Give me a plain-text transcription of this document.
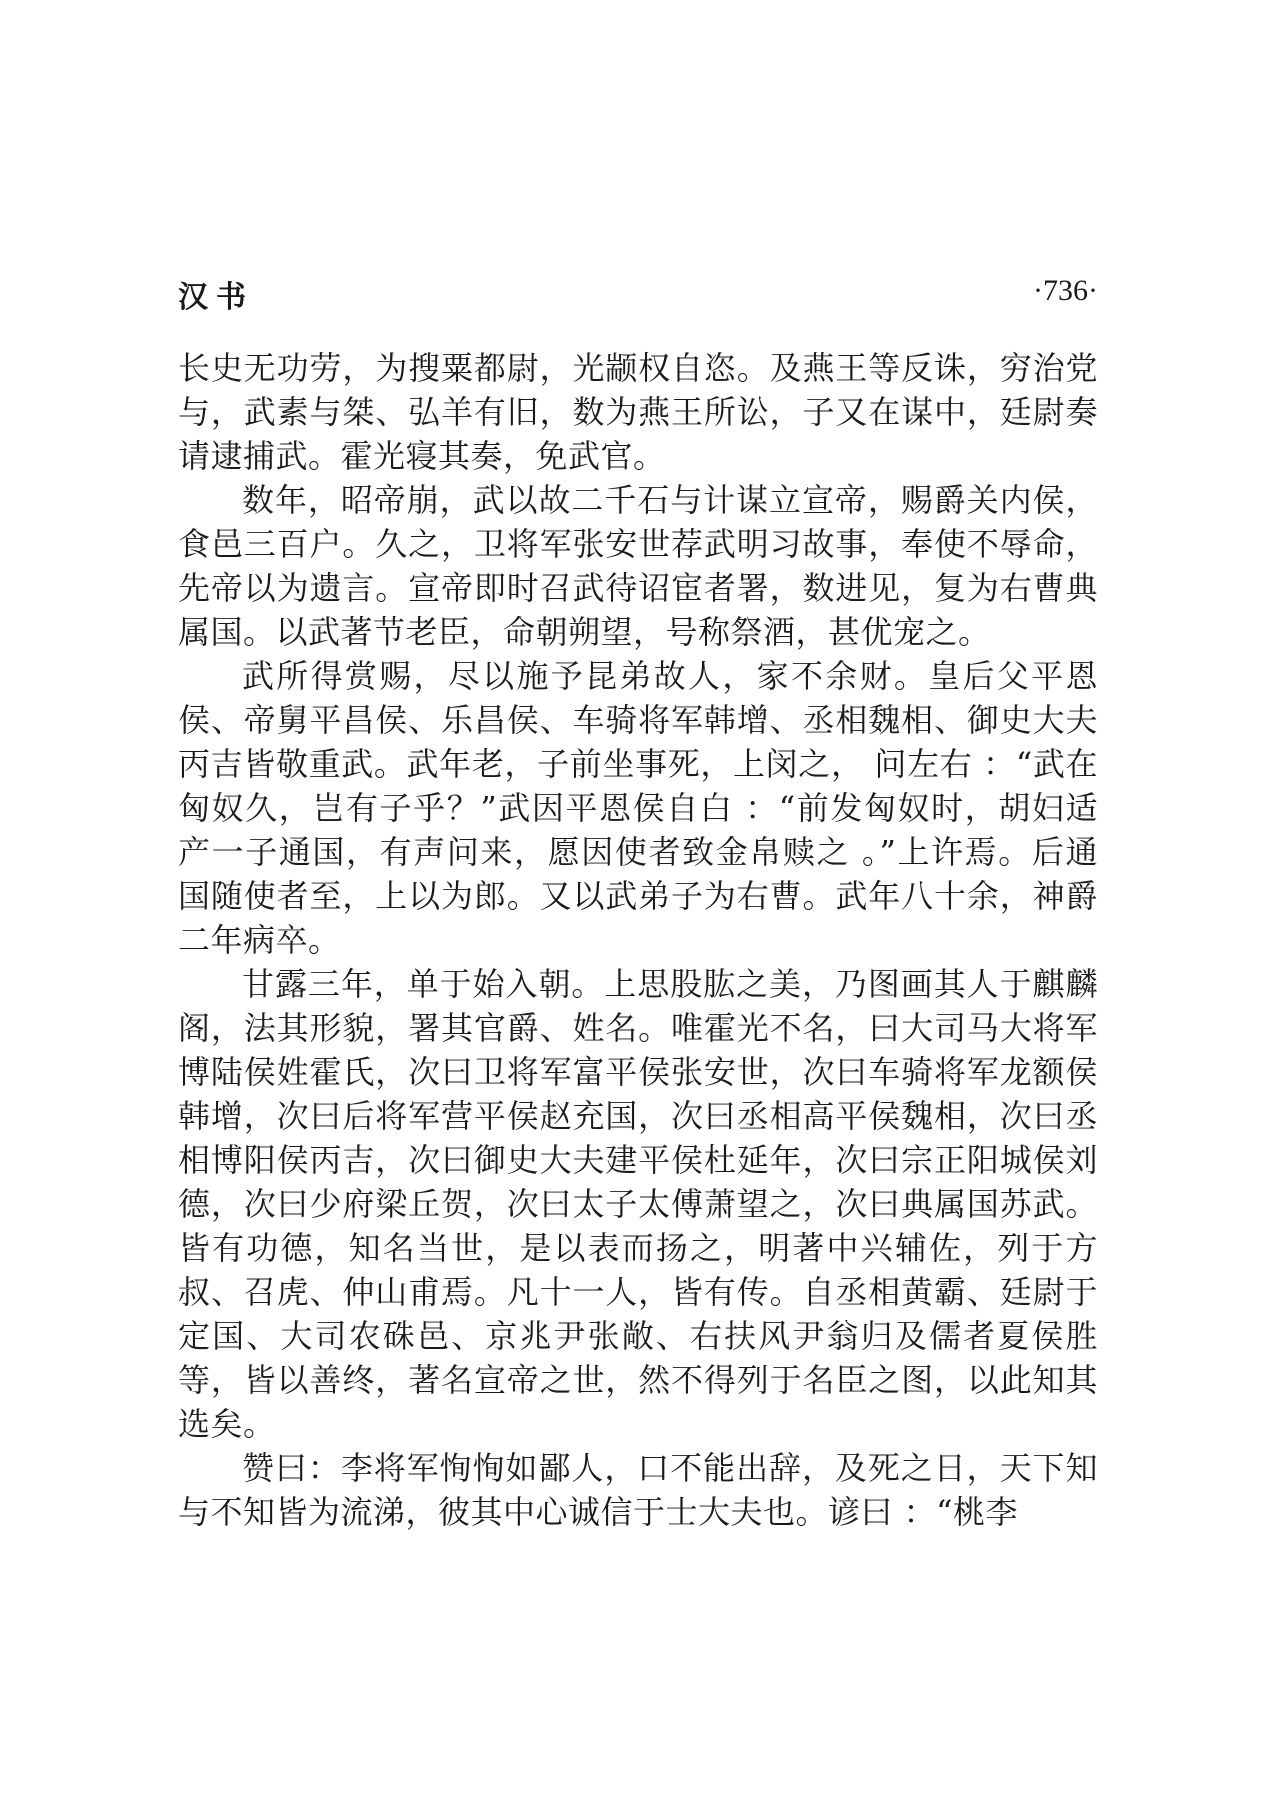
汉书	·736·

长史无功劳，为搜粟都尉，光颛权自恣。及燕王等反诛，穷治党与，武素与桀、弘羊有旧，数为燕王所讼，子又在谋中，廷尉奏请逮捕武。霍光寝其奏，免武官。

数年，昭帝崩，武以故二千石与计谋立宣帝，赐爵关内侯，食邑三百户。久之，卫将军张安世荐武明习故事，奉使不辱命，先帝以为遗言。宣帝即时召武待诏宦者署，数进见，复为右曹典属国。以武著节老臣，命朝朔望，号称祭酒，甚优宠之。

武所得赏赐，尽以施予昆弟故人，家不余财。皇后父平恩侯、帝舅平昌侯、乐昌侯、车骑将军韩增、丞相魏相、御史大夫丙吉皆敬重武。武年老，子前坐事死，上闵之， 问左右 ：“武在匈奴久，岂有子乎？”武因平恩侯自白 ：“前发匈奴时，胡妇适产一子通国，有声问来，愿因使者致金帛赎之 。”上许焉。后通国随使者至，上以为郎。又以武弟子为右曹。武年八十余，神爵二年病卒。

甘露三年，单于始入朝。上思股肱之美，乃图画其人于麒麟阁，法其形貌，署其官爵、姓名。唯霍光不名，曰大司马大将军博陆侯姓霍氏，次曰卫将军富平侯张安世，次曰车骑将军龙额侯韩增，次曰后将军营平侯赵充国，次曰丞相高平侯魏相，次曰丞相博阳侯丙吉，次曰御史大夫建平侯杜延年，次曰宗正阳城侯刘德，次曰少府梁丘贺，次曰太子太傅萧望之，次曰典属国苏武。皆有功德，知名当世，是以表而扬之，明著中兴辅佐，列于方叔、召虎、仲山甫焉。凡十一人，皆有传。自丞相黄霸、廷尉于定国、大司农硃邑、京兆尹张敞、右扶风尹翁归及儒者夏侯胜等，皆以善终，著名宣帝之世，然不得列于名臣之图，以此知其选矣。

赞曰：李将军恂恂如鄙人，口不能出辞，及死之日，天下知与不知皆为流涕，彼其中心诚信于士大夫也。谚曰 ：“桃李
